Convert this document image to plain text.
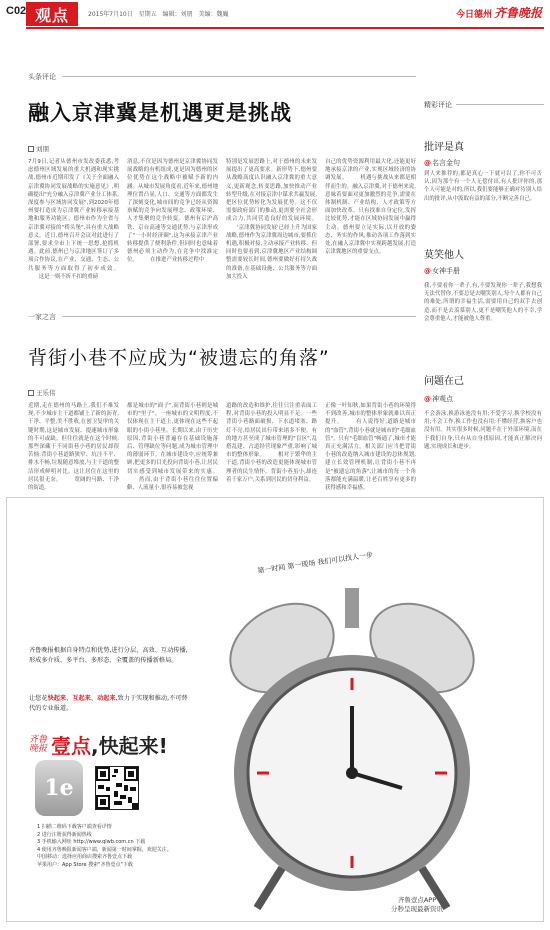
C02 观点	2015年7月10日 星期五 编辑：刘朋 美编：魏巍	今日德州 齐鲁晚报
头条评论
融入京津冀是机遇更是挑战
刘朋
7月9日,记者从德州市发改委获悉,考虑德州区域发展的重大机遇和现实挑战,德州市近期印发了《关于全面融入京津冀协同发展战略的实施意见》,明确提出"充分融入京津冀产业分工体系,深度参与区域协同发展",到2020年德州要打造成为京津冀产业转移承接基地和服务功能区。德州市作为全省与京津冀对接的"桥头堡",具有重大战略意义。近日,德州召开会议对此进行了部署,要求全市上下统一思想,抢抓机遇。此前,德州已与京津地区签订了多项合作协议,在产业、交通、生态、公共服务等方面取得了初步成效。 　　这是一则不折不扣的重磅
消息,不仅是因为德州是京津冀协同发展战略的有机组成,更是因为德州的区位优势在这个战略中被赋予新的内涵。从城市发展角度看,近年来,德州地理位置凸显,人口、交通等方面都发生了深刻变化,城市间的竞争已经从资源禀赋的竞争向发展理念、政策环境、人才集聚的竞争转变。德州有京沪高铁、京台高速等交通优势,与京津形成了"一小时经济圈",这为承接京津产业转移提供了便利条件,但同时也意味着德州必须主动作为,在竞争中找准定位。 　　在推进产业转移过程中
特别是发展思路上,对于德州的未来发展提出了更高要求。新形势下,德州要从战略高度认识融入京津冀的重大意义,更新观念,转变思路,加快推动产业转型升级,在对接京津中谋求共赢发展,把区位优势转化为发展优势。这不仅需要政府部门的推动,更需要全社会形成合力,共同营造良好的发展环境。 　　'京津冀协同发展'已经上升为国家战略,德州作为京津冀周边城市,要抓住机遇,积极对接,主动承接产业转移。但同时也要看到,京津冀地区产业结构调整需要较长时间,德州要做好打持久战的准备,在基础设施、公共服务等方面加大投入
自己的优势资源利用最大化,还能更好地承接京津的产业,实现区域经济的协调发展。 　　机遇与挑战从来都是相伴而生的。融入京津冀,对于德州来说,意味着要面对更加激烈的竞争,需要在体制机制、产业结构、人才政策等方面加快改革。只有找准自身定位,发挥比较优势,才能在区域协同发展中赢得主动。德州要立足实际,以开放的姿态、务实的作风,推动各项工作落到实处,在融入京津冀中实现跨越发展,打造京津冀地区的重要支点。
一家之言
背街小巷不应成为“被遗忘的角落”
王乐伟
近期,走在德州的马路上,我们不难发现,不少城市主干道都铺上了新的沥青,干净、平整,美不胜收,在创卫复审的关键时期,这是城市发展、提速城市形象的不可或缺。但往往就是在这个时候,那些深藏于不同街巷小巷的居民却很苦恼:背街小巷道路狭窄、坑洼不平、排水不畅,垃圾随意堆放,与主干道的整洁形成鲜明对比。这让居住在这里的居民很无奈。 　　宽阔的马路、干净的街道,
都是城市的"面子",而背街小巷则是城市的"里子"。一座城市的文明程度,不仅体现在主干道上,更体现在这些不起眼的小街小巷里。长期以来,由于历史原因,背街小巷普遍存在基础设施落后、管理缺位等问题,成为城市管理中的薄弱环节。在城市建设中,应统筹兼顾,把更多的目光投向背街小巷,让居民切实感受到城市发展带来的实惠。 　　然而,由于背街小巷往往位置偏僻、人流量小,很容易被忽视
道路的改造和维护,往往只注重表面工程,对背街小巷的投入明显不足。一些背街小巷路面破损、下水道堵塞、路灯不亮,给居民出行带来诸多不便。有的地方甚至成了城市管理的"盲区",乱搭乱建、占道经营现象严重,影响了城市的整体形象。 　　相对于繁华的主干道,背街小巷的改造更能体现城市管理者的民生情怀。背街小巷虽小,却连着千家万户,关系到居民的切身利益。
正像一叶知秋,如果背街小巷的环境得不到改善,城市的整体形象就难以真正提升。 　　有人说得好,道路是城市的"血管",背街小巷就是城市的"毛细血管"。只有"毛细血管"畅通了,城市才能真正充满活力。相关部门应当把背街小巷的改造纳入城市建设的总体规划,建立长效管理机制,让背街小巷不再是"被遗忘的角落",让城市的每一个角落都能充满温暖,让老百姓享有更多的获得感和幸福感。
精彩评论
批评是真
@名言金句
到人来推荐的,都是真心一下就可以了,你不可否认,因为那个有一个人无偿付出,有人批评你的,那个人可能是对的,所以,我们要能够正确对待别人给出的批评,从中汲取有益的部分,不断完善自己。
莫笑他人
@女神手册
我,不要看你一辈子,有,不要发现你一辈子,我想我无法代替你,不要总是去嘲笑别人,每个人都有自己的难处,所谓的幸福生活,需要用自己的双手去创造,而不是去羡慕别人,更不是嘲笑他人的不幸,学会尊重他人,才能被他人尊重。
问题在己
@神观点
不会游泳,换游泳池没有用;不爱学习,换学校没有用;不会工作,换工作也没有用;不懂经营,换客户也没有用。其实很多时候,问题不在于外部环境,而在于我们自身,只有从自身找原因,才能真正解决问题,实现成长和进步。
第一时间 第一现场 我们可以找人一步
齐鲁晚报根据自身特点和优势,进行分层、高效、互动传播,形成多介质、多平台、多形态、全覆盖的传播新格局。
让您花快起来、互起来、动起来,致力于实现和推动,不可替代的专业报道。
齐鲁晚报 壹点,快起来!
1e
1 扫描二维码下载客户端查看详情
2 进行注册获得新闻热线
3 手机输入网址 http://www.qlwb.com.cn 下载
4 使用齐鲁晚报新闻客户端，新闻第一时间掌握，欢迎关注。
中国移动：选择应用商店搜索齐鲁壹点下载
苹果用户：App Store 搜索"齐鲁壹点"下载
齐鲁壹点APP
分秒呈现最新资讯
